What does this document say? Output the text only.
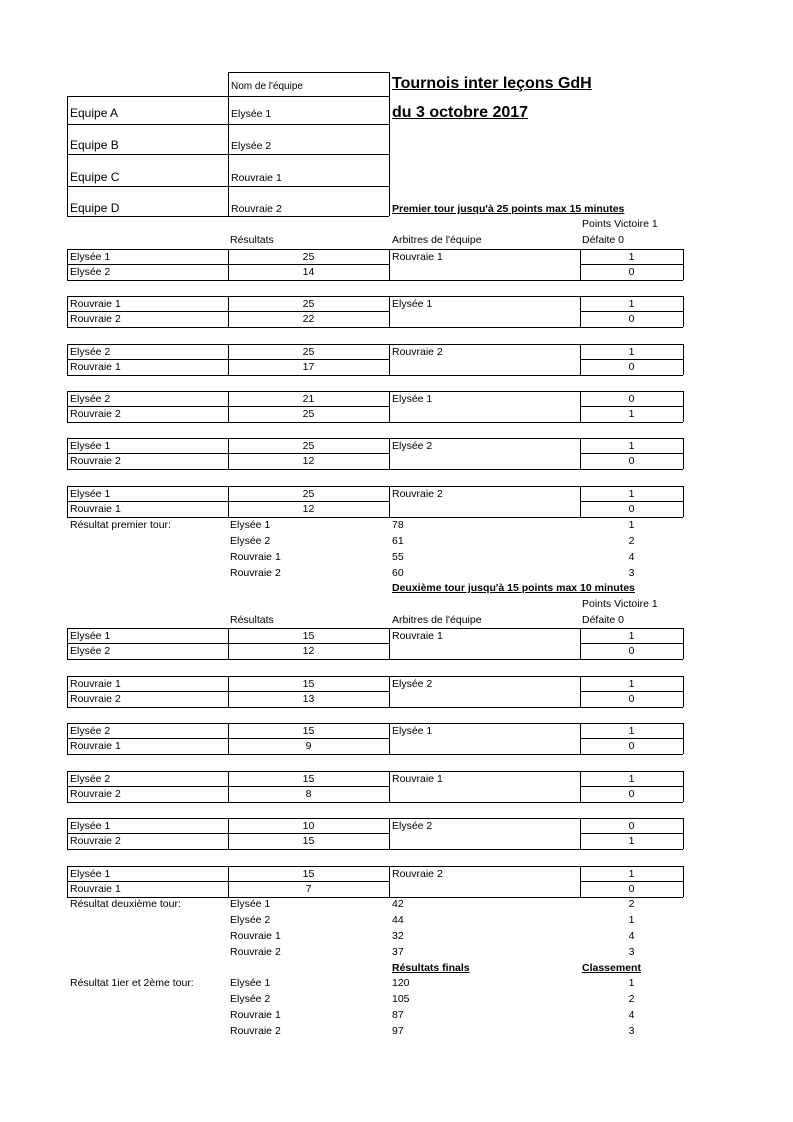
Tournois inter leçons GdH
du 3 octobre 2017
Nom de l'équipe
Equipe A	Elysée 1
Equipe B	Elysée 2
Equipe C	Rouvraie 1
Equipe D	Rouvraie 2	Premier tour jusqu'à 25 points max 15 minutes
Points Victoire 1
Résultats	Arbitres de l'équipe	Défaite 0
Elysée 1	25	Rouvraie 1	1
Elysée 2	14	0
Rouvraie 1	25	Elysée 1	1
Rouvraie 2	22	0
Elysée 2	25	Rouvraie 2	1
Rouvraie 1	17	0
Elysée 2	21	Elysée 1	0
Rouvraie 2	25	1
Elysée 1	25	Elysée 2	1
Rouvraie 2	12	0
Elysée 1	25	Rouvraie 2	1
Rouvraie 1	12	0
Résultat premier tour:	Elysée 1	78	1
Elysée 2	61	2
Rouvraie 1	55	4
Rouvraie 2	60	3
Deuxième tour jusqu'à 15 points max 10 minutes
Points Victoire 1
Résultats	Arbitres de l'équipe	Défaite 0
Elysée 1	15	Rouvraie 1	1
Elysée 2	12	0
Rouvraie 1	15	Elysée 2	1
Rouvraie 2	13	0
Elysée 2	15	Elysée 1	1
Rouvraie 1	9	0
Elysée 2	15	Rouvraie 1	1
Rouvraie 2	8	0
Elysée 1	10	Elysée 2	0
Rouvraie 2	15	1
Elysée 1	15	Rouvraie 2	1
Rouvraie 1	7	0
Résultat deuxième tour:	Elysée 1	42	2
Elysée 2	44	1
Rouvraie 1	32	4
Rouvraie 2	37	3
Résultats finals	Classement
Résultat 1ier et 2ème tour:	Elysée 1	120	1
Elysée 2	105	2
Rouvraie 1	87	4
Rouvraie 2	97	3
